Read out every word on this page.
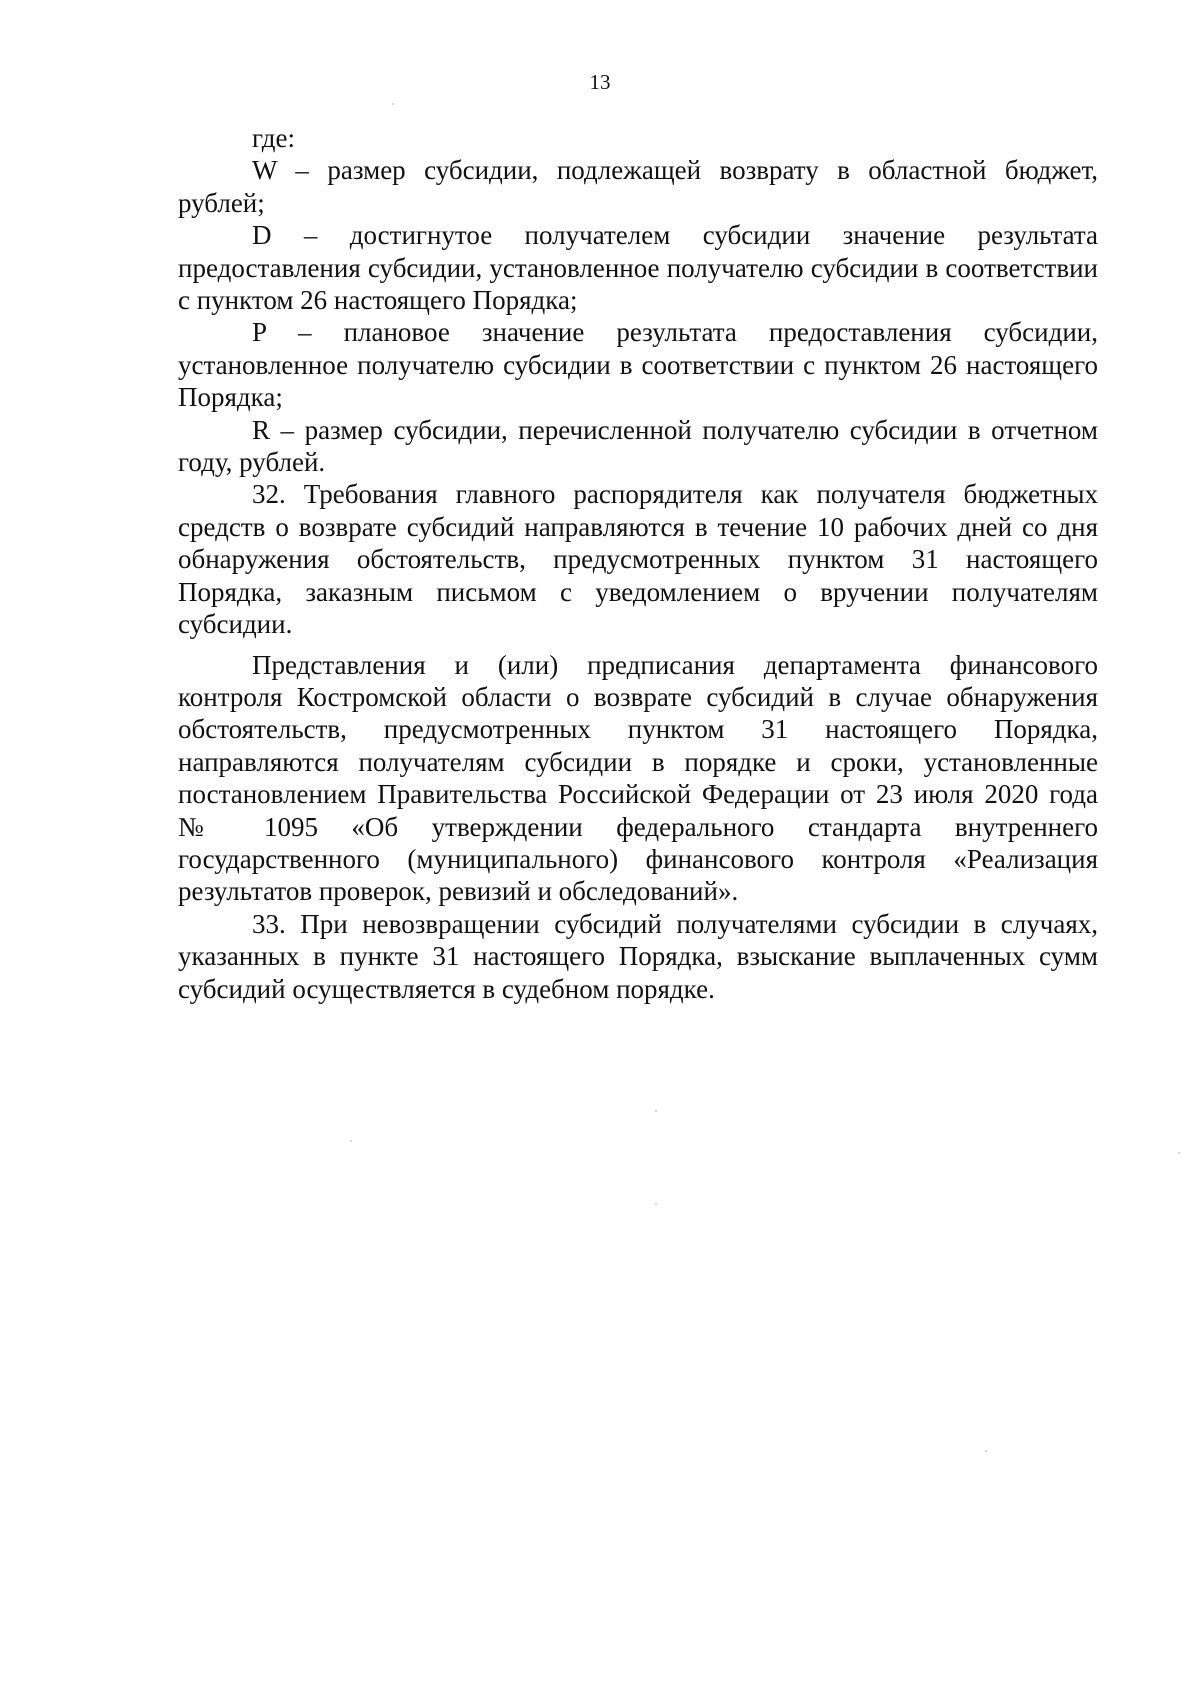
13

где:

W – размер субсидии, подлежащей возврату в областной бюджет, рублей;

D – достигнутое получателем субсидии значение результата предоставления субсидии, установленное получателю субсидии в соответствии с пунктом 26 настоящего Порядка;

P – плановое значение результата предоставления субсидии, установленное получателю субсидии в соответствии с пунктом 26 настоящего Порядка;

R – размер субсидии, перечисленной получателю субсидии в отчетном году, рублей.

32. Требования главного распорядителя как получателя бюджетных средств о возврате субсидий направляются в течение 10 рабочих дней со дня обнаружения обстоятельств, предусмотренных пунктом 31 настоящего Порядка, заказным письмом с уведомлением о вручении получателям субсидии.

Представления и (или) предписания департамента финансового контроля Костромской области о возврате субсидий в случае обнаружения обстоятельств, предусмотренных пунктом 31 настоящего Порядка, направляются получателям субсидии в порядке и сроки, установленные постановлением Правительства Российской Федерации от 23 июля 2020 года № 1095 «Об утверждении федерального стандарта внутреннего государственного (муниципального) финансового контроля «Реализация результатов проверок, ревизий и обследований».

33. При невозвращении субсидий получателями субсидии в случаях, указанных в пункте 31 настоящего Порядка, взыскание выплаченных сумм субсидий осуществляется в судебном порядке.
